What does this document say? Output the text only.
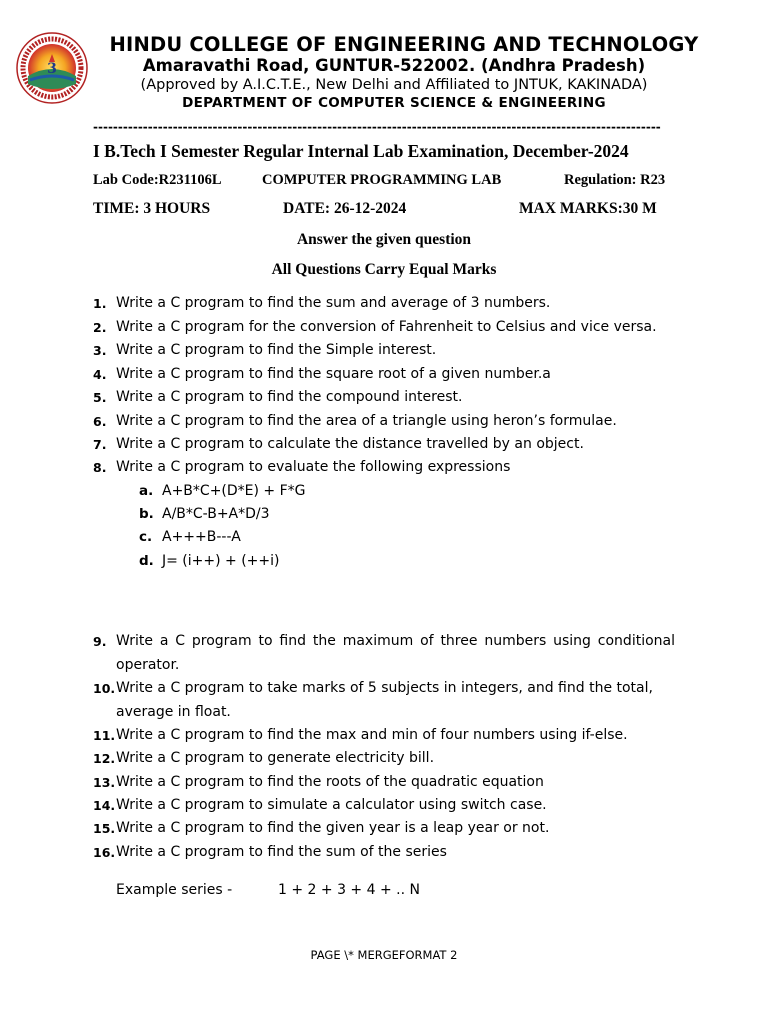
3
HINDU COLLEGE OF ENGINEERING AND TECHNOLOGY
Amaravathi Road, GUNTUR-522002. (Andhra Pradesh)
(Approved by A.I.C.T.E., New Delhi and Affiliated to JNTUK, KAKINADA)
DEPARTMENT OF COMPUTER SCIENCE & ENGINEERING
------------------------------------------------------------------------------------------------------------------
I B.Tech I Semester Regular Internal Lab Examination, December-2024
Lab Code:R231106L	COMPUTER PROGRAMMING LAB	Regulation: R23
TIME: 3 HOURS	DATE: 26-12-2024	MAX MARKS:30 M
Answer the given question
All Questions Carry Equal Marks
1. Write a C program to find the sum and average of 3 numbers.
2. Write a C program for the conversion of Fahrenheit to Celsius and vice versa.
3. Write a C program to find the Simple interest.
4. Write a C program to find the square root of a given number.a
5. Write a C program to find the compound interest.
6. Write a C program to find the area of a triangle using heron’s formulae.
7. Write a C program to calculate the distance travelled by an object.
8. Write a C program to evaluate the following expressions
a. A+B*C+(D*E) + F*G
b. A/B*C-B+A*D/3
c. A+++B---A
d. J= (i++) + (++i)
9. Write a C program to find the maximum of three numbers using conditional operator.
10. Write a C program to take marks of 5 subjects in integers, and find the total, average in float.
11. Write a C program to find the max and min of four numbers using if-else.
12. Write a C program to generate electricity bill.
13. Write a C program to find the roots of the quadratic equation
14. Write a C program to simulate a calculator using switch case.
15. Write a C program to find the given year is a leap year or not.
16. Write a C program to find the sum of the series
Example series -	1 + 2 + 3 + 4 + .. N
PAGE \* MERGEFORMAT 2
